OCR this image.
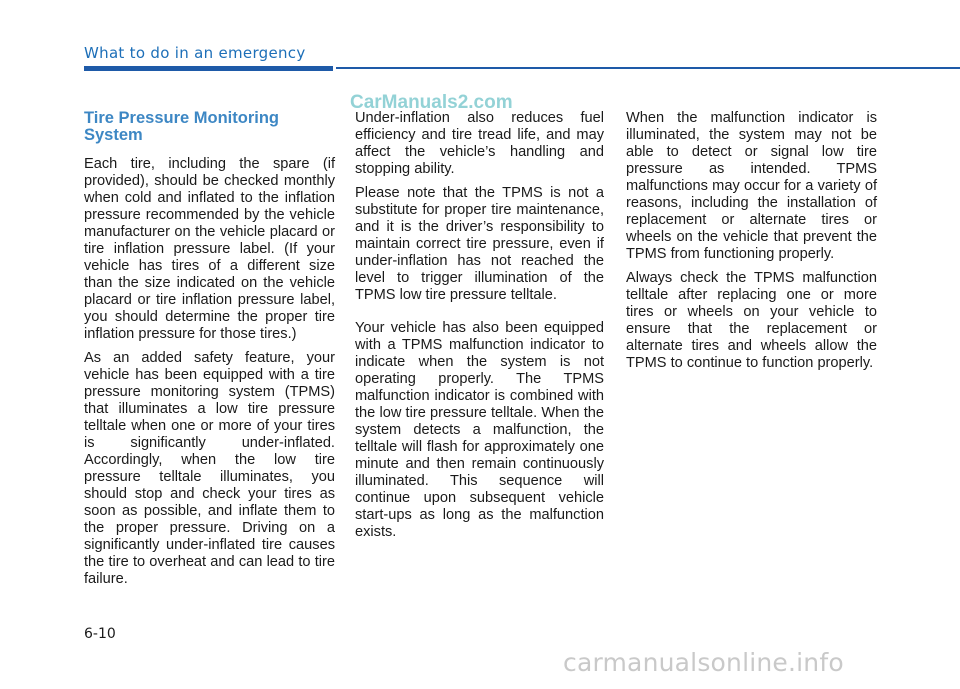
What to do in an emergency
CarManuals2.com
Tire Pressure Monitoring System

Each tire, including the spare (if provided), should be checked monthly when cold and inflated to the inflation pressure recommended by the vehicle manufacturer on the vehicle placard or tire inflation pressure label. (If your vehicle has tires of a different size than the size indicated on the vehicle placard or tire inflation pressure label, you should determine the proper tire inflation pressure for those tires.)

As an added safety feature, your vehicle has been equipped with a tire pressure monitoring system (TPMS) that illuminates a low tire pressure telltale when one or more of your tires is significantly under-inflated. Accordingly, when the low tire pressure telltale illuminates, you should stop and check your tires as soon as possible, and inflate them to the proper pressure. Driving on a significantly under-inflated tire causes the tire to overheat and can lead to tire failure.

Under-inflation also reduces fuel efficiency and tire tread life, and may affect the vehicle’s handling and stopping ability.

Please note that the TPMS is not a substitute for proper tire maintenance, and it is the driver’s responsibility to maintain correct tire pressure, even if under-inflation has not reached the level to trigger illumination of the TPMS low tire pressure telltale.

Your vehicle has also been equipped with a TPMS malfunction indicator to indicate when the system is not operating properly. The TPMS malfunction indicator is combined with the low tire pressure telltale. When the system detects a malfunction, the telltale will flash for approximately one minute and then remain continuously illuminated. This sequence will continue upon subsequent vehicle start-ups as long as the malfunction exists.

When the malfunction indicator is illuminated, the system may not be able to detect or signal low tire pressure as intended. TPMS malfunctions may occur for a variety of reasons, including the installation of replacement or alternate tires or wheels on the vehicle that prevent the TPMS from functioning properly.

Always check the TPMS malfunction telltale after replacing one or more tires or wheels on your vehicle to ensure that the replacement or alternate tires and wheels allow the TPMS to continue to function properly.

6-10
carmanualsonline.info
